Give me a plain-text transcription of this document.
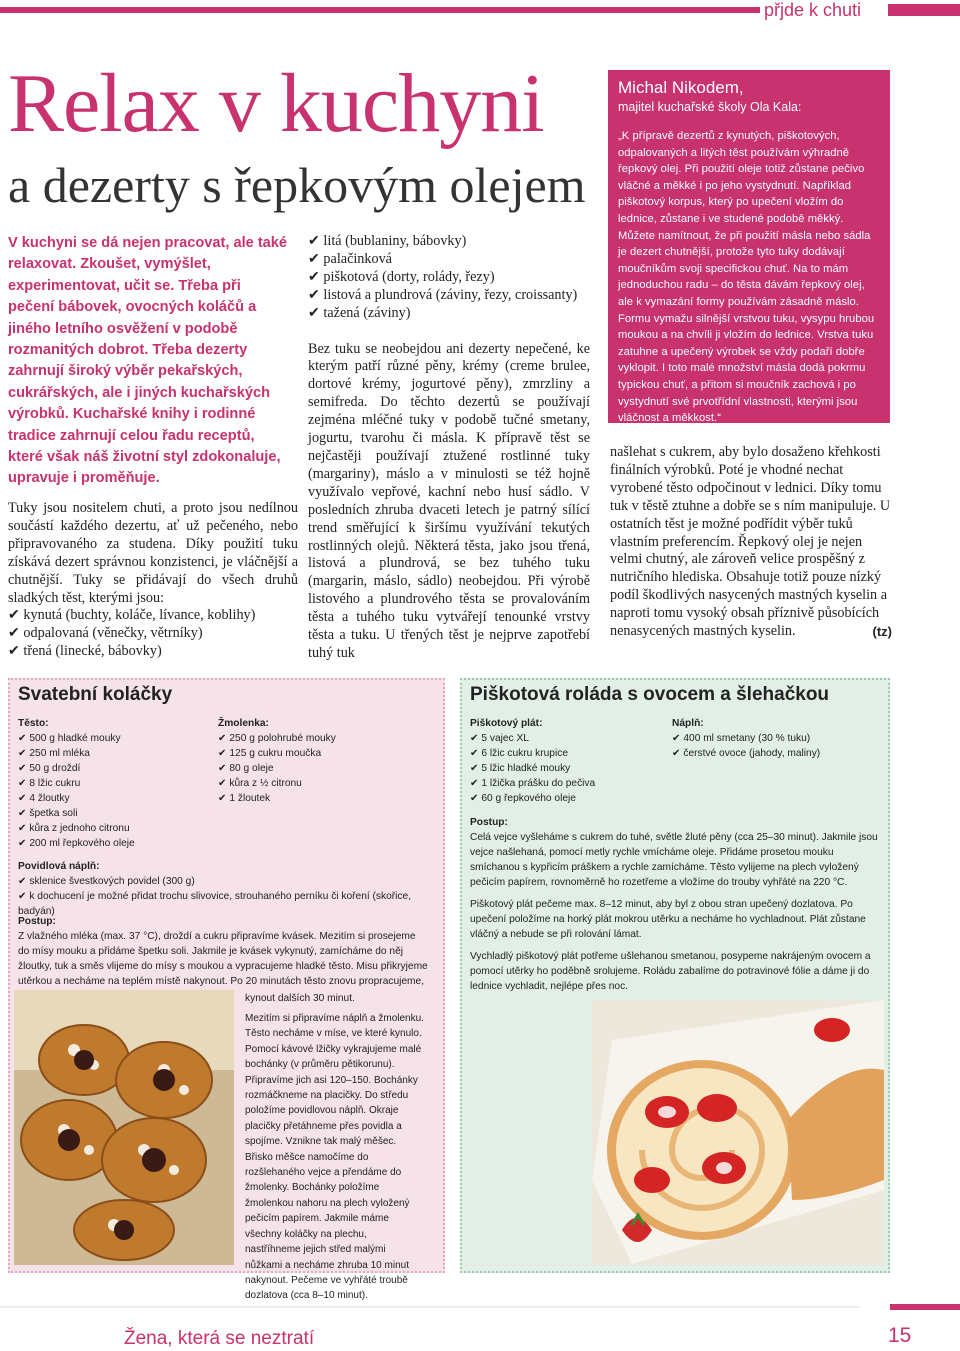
přjde k chuti
Relax v kuchyni
a dezerty s řepkovým olejem
V kuchyni se dá nejen pracovat, ale také relaxovat. Zkoušet, vymýšlet, experimentovat, učit se. Třeba při pečení bábovek, ovocných koláčů a jiného letního osvěžení v podobě rozmanitých dobrot. Třeba dezerty zahrnují široký výběr pekařských, cukrářských, ale i jiných kuchařských výrobků. Kuchařské knihy i rodinné tradice zahrnují celou řadu receptů, které však náš životní styl zdokonaluje, upravuje i proměňuje.

Tuky jsou nositelem chuti, a proto jsou nedílnou součástí každého dezertu, ať už pečeného, nebo připravovaného za studena. Díky použití tuku získává dezert správnou konzistenci, je vláčnější a chutnější. Tuky se přidávají do všech druhů sladkých těst, kterými jsou:

✔ kynutá (buchty, koláče, lívance, koblihy)
✔ odpalovaná (věnečky, větrníky)
✔ třená (linecké, bábovky)
✔ litá (bublaniny, bábovky)
✔ palačinková
✔ piškotová (dorty, rolády, řezy)
✔ listová a plundrová (záviny, řezy, croissanty)
✔ tažená (záviny)

Bez tuku se neobejdou ani dezerty nepečené, ke kterým patří různé pěny, krémy (creme brulee, dortové krémy, jogurtové pěny), zmrzliny a semifreda. Do těchto dezertů se používají zejména mléčné tuky v podobě tučné smetany, jogurtu, tvarohu či másla. K přípravě těst se nejčastěji používají ztužené rostlinné tuky (margariny), máslo a v minulosti se též hojně využívalo vepřové, kachní nebo husí sádlo. V posledních zhruba dvaceti letech je patrný sílící trend směřující k širšímu využívání tekutých rostlinných olejů. Některá těsta, jako jsou třená, listová a plundrová, se bez tuhého tuku (margarin, máslo, sádlo) neobejdou. Při výrobě listového a plundrového těsta se provalováním těsta a tuhého tuku vytvářejí tenounké vrstvy těsta a tuku. U třených těst je nejprve zapotřebí tuhý tuk

Michal Nikodem,
majitel kuchařské školy Ola Kala:
„K přípravě dezertů z kynutých, piškotových, odpalovaných a litých těst používám výhradně řepkový olej. Při použití oleje totiž zůstane pečivo vláčné a měkké i po jeho vystydnutí. Například piškotový korpus, který po upečení vložím do lednice, zůstane i ve studené podobě měkký. Můžete namítnout, že při použití másla nebo sádla je dezert chutnější, protože tyto tuky dodávají moučníkům svoji specifickou chuť. Na to mám jednoduchou radu – do těsta dávám řepkový olej, ale k vymazání formy používám zásadně máslo. Formu vymažu silnější vrstvou tuku, vysypu hrubou moukou a na chvíli ji vložím do lednice. Vrstva tuku zatuhne a upečený výrobek se vždy podaří dobře vyklopit. I toto malé množství másla dodá pokrmu typickou chuť, a přitom si moučník zachová i po vystydnutí své prvotřídní vlastnosti, kterými jsou vláčnost a měkkost.“
našlehat s cukrem, aby bylo dosaženo křehkosti finálních výrobků. Poté je vhodné nechat vyrobené těsto odpočinout v lednici. Díky tomu tuk v těstě ztuhne a dobře se s ním manipuluje. U ostatních těst je možné podřídit výběr tuků vlastním preferencím. Řepkový olej je nejen velmi chutný, ale zároveň velice prospěšný z nutričního hlediska. Obsahuje totiž pouze nízký podíl škodlivých nasycených mastných kyselin a naproti tomu vysoký obsah příznivě působících nenasycených mastných kyselin.	(tz)
Svatební koláčky
Těsto:
✔ 500 g hladké mouky
✔ 250 ml mléka
✔ 50 g droždí
✔ 8 lžic cukru
✔ 4 žloutky
✔ špetka soli
✔ kůra z jednoho citronu
✔ 200 ml řepkového oleje
Žmolenka:
✔ 250 g polohrubé mouky
✔ 125 g cukru moučka
✔ 80 g oleje
✔ kůra z ½ citronu
✔ 1 žloutek
Povidlová náplň:
✔ sklenice švestkových povidel (300 g)
✔ k dochucení je možné přidat trochu slivovice, strouhaného perníku či koření (skořice, badyán)
Postup:

Z vlažného mléka (max. 37 °C), droždí a cukru připravíme kvásek. Mezitím si prosejeme do mísy mouku a přidáme špetku soli. Jakmile je kvásek vykynutý, zamícháme do něj žloutky, tuk a směs vlijeme do mísy s moukou a vypracujeme hladké těsto. Misu přikryjeme utěrkou a necháme na teplém místě nakynout. Po 20 minutách těsto znovu propracujeme,

kynout dalších 30 minut.
Mezitím si připravíme náplň a žmolenku. Těsto necháme v míse, ve které kynulo. Pomocí kávové lžičky vykrajujeme malé bochánky (v průměru pětikorunu). Připravíme jich asi 120–150. Bochánky rozmáčkneme na placičky. Do středu položíme povidlovou náplň. Okraje placičky přetáhneme přes povidla a spojíme. Vznikne tak malý měšec. Břisko měšce namočíme do rozšlehaného vejce a přendáme do žmolenky. Bochánky položíme žmolenkou nahoru na plech vyložený pečicím papírem. Jakmile máme všechny koláčky na plechu, nastříhneme jejich střed malými nůžkami a necháme zhruba 10 minut nakynout. Pečeme ve vyhřáté troubě dozlatova (cca 8–10 minut).
Piškotová roláda s ovocem a šlehačkou
Piškotový plát:
✔ 5 vajec XL
✔ 6 lžic cukru krupice
✔ 5 lžic hladké mouky
✔ 1 lžička prášku do pečiva
✔ 60 g řepkového oleje
Náplň:
✔ 400 ml smetany (30 % tuku)
✔ čerstvé ovoce (jahody, maliny)
Postup:

Celá vejce vyšleháme s cukrem do tuhé, světle žluté pěny (cca 25–30 minut). Jakmile jsou vejce našlehaná, pomocí metly rychle vmícháme oleje. Přidáme prosetou mouku smíchanou s kypřicím práškem a rychle zamícháme. Těsto vylijeme na plech vyložený pečicím papírem, rovnoměrně ho rozetřeme a vložíme do trouby vyhřáté na 220 °C.

Piškotový plát pečeme max. 8–12 minut, aby byl z obou stran upečený dozlatova. Po upečení položíme na horký plát mokrou utěrku a necháme ho vychladnout. Plát zůstane vláčný a nebude se při rolování lámat.

Vychladlý piškotový plát potřeme ušlehanou smetanou, posypeme nakrájeným ovocem a pomocí utěrky ho poděbně srolujeme. Roládu zabalíme do potravinové fólie a dáme ji do lednice vychladit, nejlépe přes noc.

Žena, která se neztratí	15
